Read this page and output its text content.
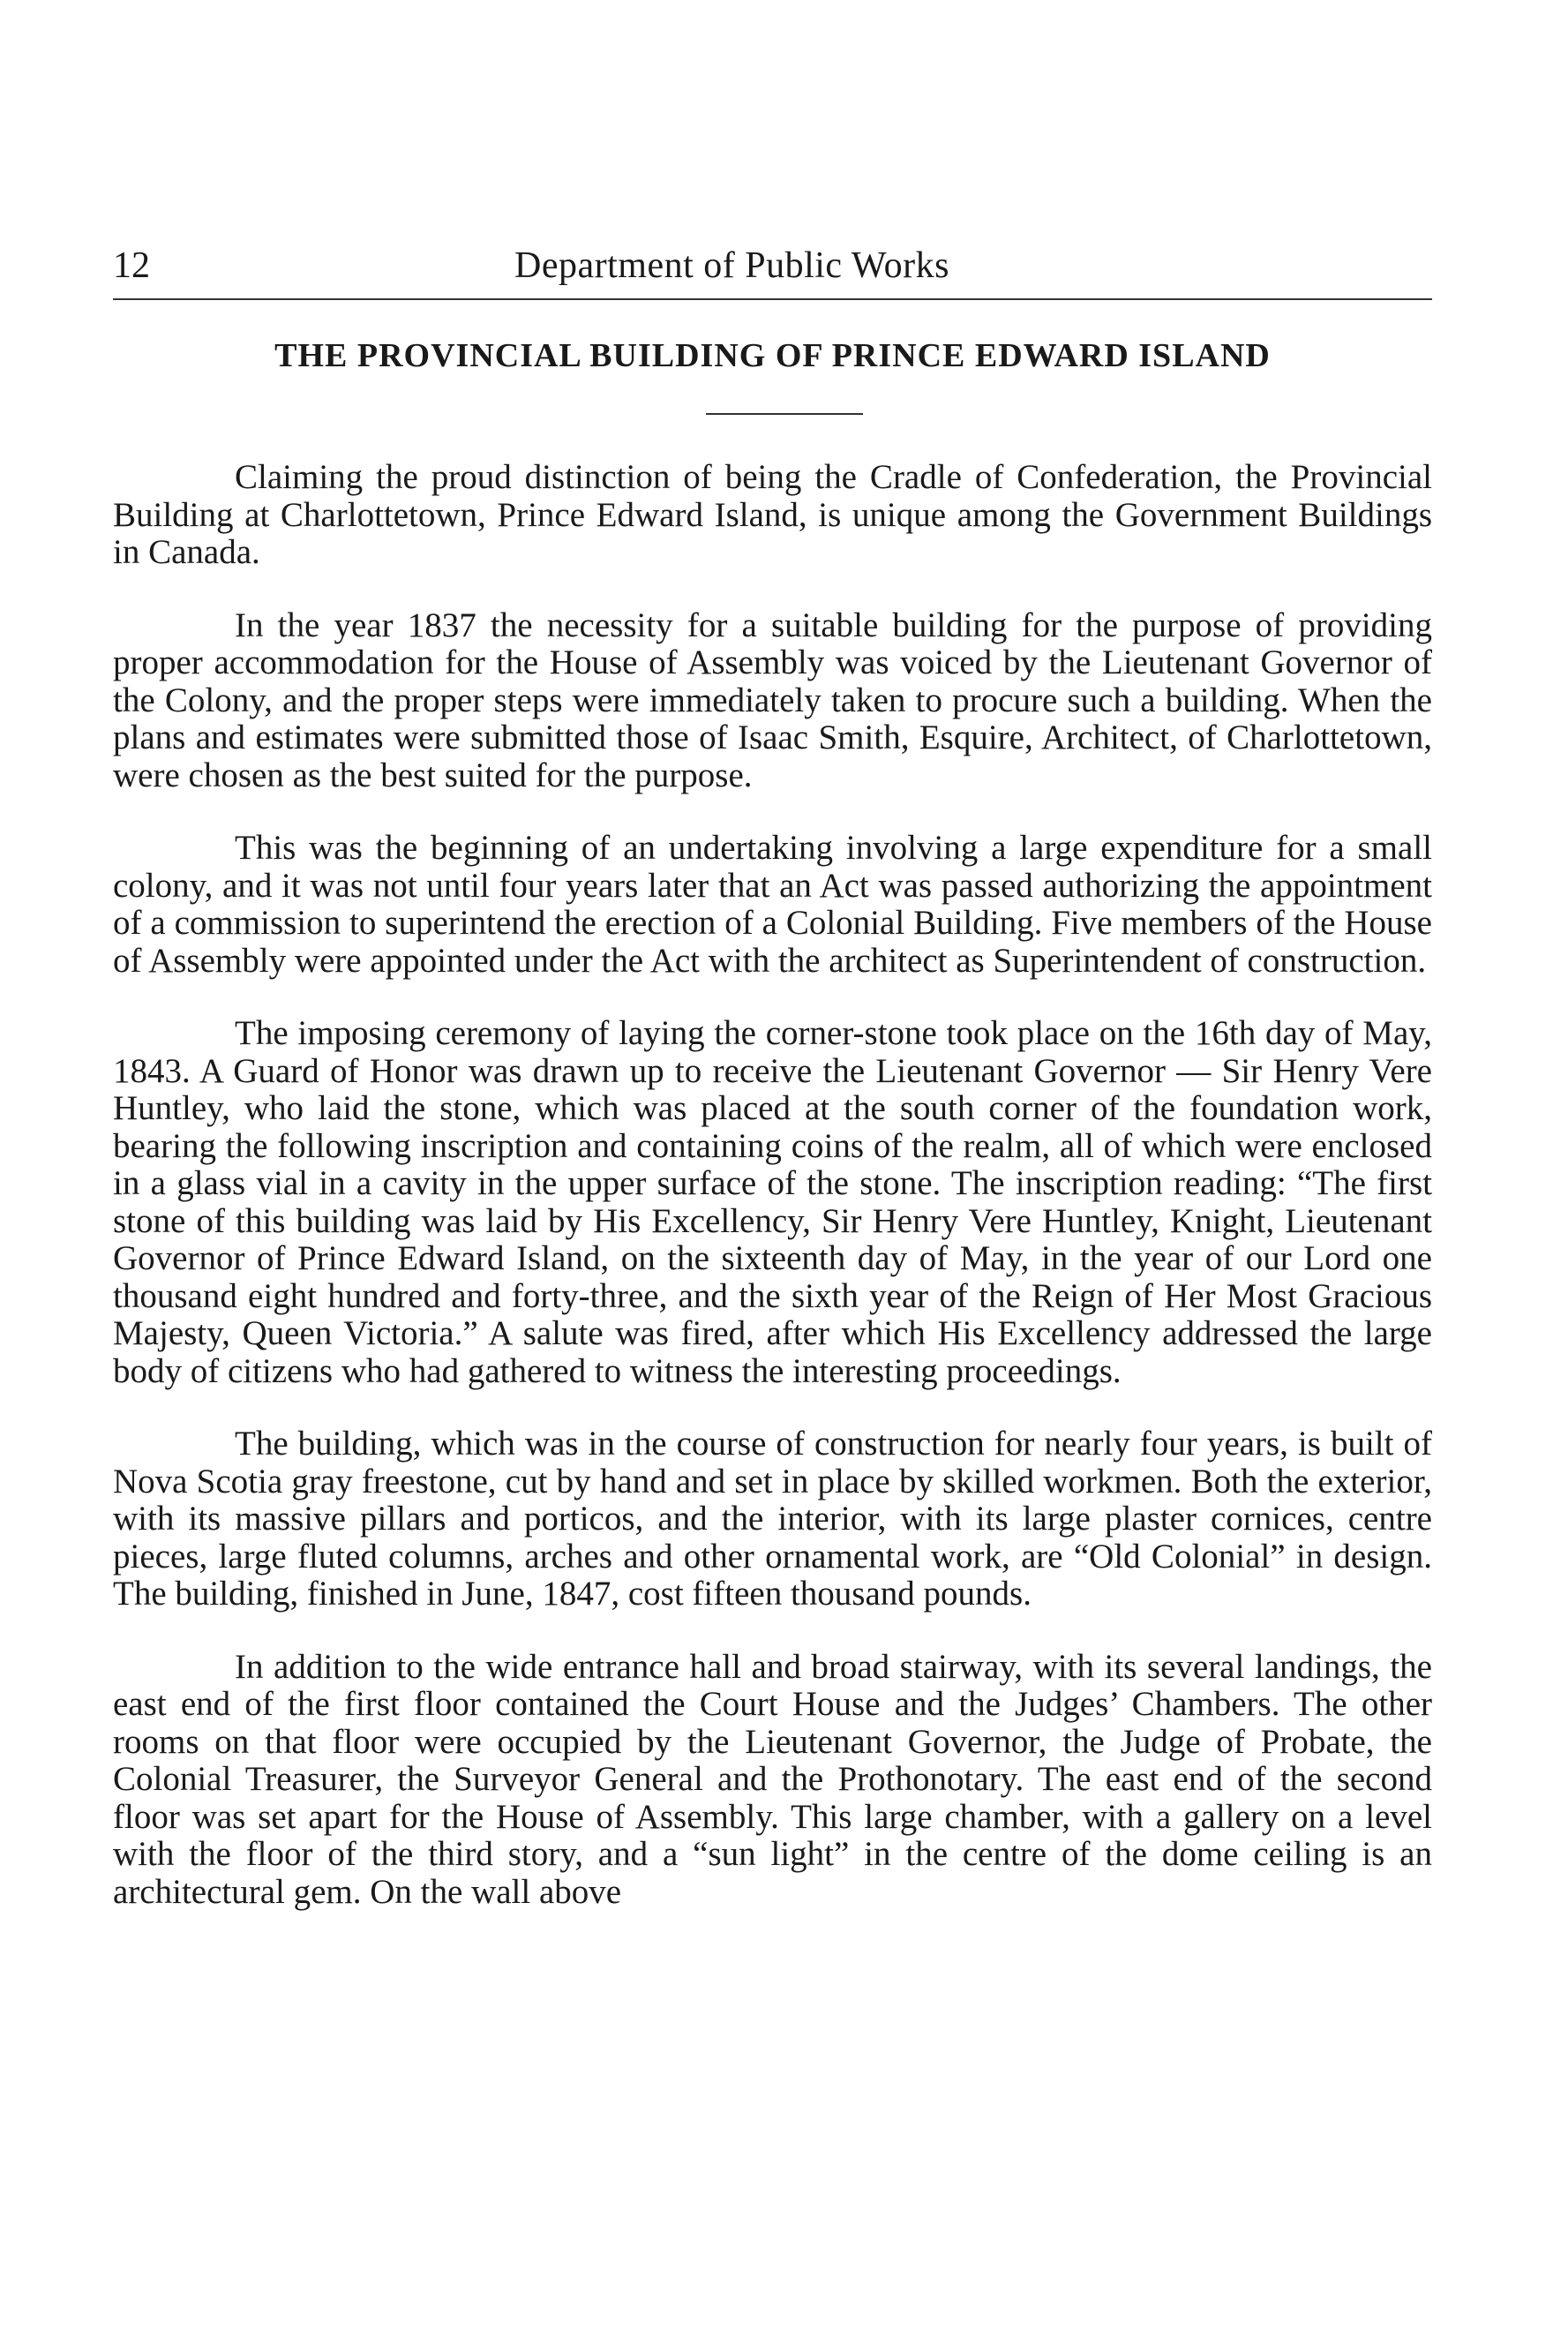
12	Department of Public Works
THE PROVINCIAL BUILDING OF PRINCE EDWARD ISLAND

Claiming the proud distinction of being the Cradle of Confederation, the Provincial Building at Charlottetown, Prince Edward Island, is unique among the Government Buildings in Canada.

In the year 1837 the necessity for a suitable building for the purpose of providing proper accommodation for the House of Assembly was voiced by the Lieutenant Governor of the Colony, and the proper steps were immediately taken to procure such a building. When the plans and estimates were submitted those of Isaac Smith, Esquire, Architect, of Charlottetown, were chosen as the best suited for the purpose.

This was the beginning of an undertaking involving a large expenditure for a small colony, and it was not until four years later that an Act was passed authorizing the appointment of a commission to superintend the erection of a Colonial Building. Five members of the House of Assembly were appointed under the Act with the architect as Superintendent of construction.

The imposing ceremony of laying the corner-stone took place on the 16th day of May, 1843. A Guard of Honor was drawn up to receive the Lieutenant Governor — Sir Henry Vere Huntley, who laid the stone, which was placed at the south corner of the foundation work, bearing the following inscription and containing coins of the realm, all of which were enclosed in a glass vial in a cavity in the upper surface of the stone. The inscription reading: “The first stone of this building was laid by His Excellency, Sir Henry Vere Huntley, Knight, Lieutenant Governor of Prince Edward Island, on the sixteenth day of May, in the year of our Lord one thousand eight hundred and forty-three, and the sixth year of the Reign of Her Most Gracious Majesty, Queen Victoria.” A salute was fired, after which His Excellency addressed the large body of citizens who had gathered to witness the interesting proceedings.

The building, which was in the course of construction for nearly four years, is built of Nova Scotia gray freestone, cut by hand and set in place by skilled workmen. Both the exterior, with its massive pillars and porticos, and the interior, with its large plaster cornices, centre pieces, large fluted columns, arches and other ornamental work, are “Old Colonial” in design. The building, finished in June, 1847, cost fifteen thousand pounds.

In addition to the wide entrance hall and broad stairway, with its several landings, the east end of the first floor contained the Court House and the Judges’ Chambers. The other rooms on that floor were occupied by the Lieutenant Governor, the Judge of Probate, the Colonial Treasurer, the Surveyor General and the Prothonotary. The east end of the second floor was set apart for the House of Assembly. This large chamber, with a gallery on a level with the floor of the third story, and a “sun light” in the centre of the dome ceiling is an architectural gem. On the wall above
